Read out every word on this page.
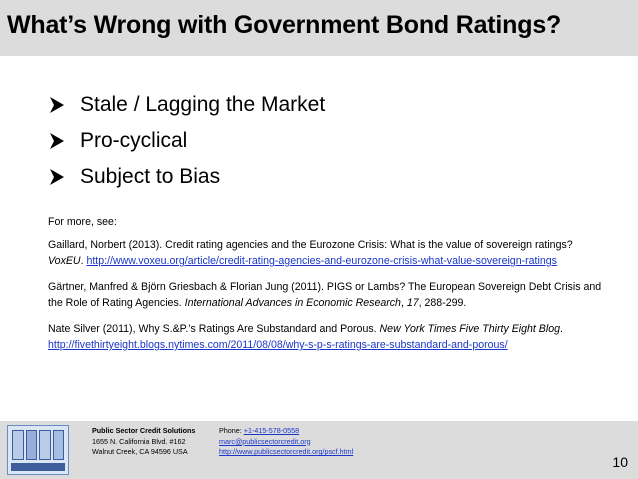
What’s Wrong with Government Bond Ratings?
Stale / Lagging the Market
Pro-cyclical
Subject to Bias
For more, see:

Gaillard, Norbert (2013). Credit rating agencies and the Eurozone Crisis: What is the value of sovereign ratings? VoxEU. http://www.voxeu.org/article/credit-rating-agencies-and-eurozone-crisis-what-value-sovereign-ratings

Gärtner, Manfred & Björn Griesbach & Florian Jung (2011). PIGS or Lambs? The European Sovereign Debt Crisis and the Role of Rating Agencies. International Advances in Economic Research, 17, 288-299.

Nate Silver (2011), Why S.&P.’s Ratings Are Substandard and Porous. New York Times Five Thirty Eight Blog.
http://fivethirtyeight.blogs.nytimes.com/2011/08/08/why-s-p-s-ratings-are-substandard-and-porous/

Public Sector Credit Solutions
1655 N. California Blvd. #162
Walnut Creek, CA 94596 USA
Phone: +1-415-578-0558
marc@publicsectorcredit.org
http://www.publicsectorcredit.org/pscf.html
10
